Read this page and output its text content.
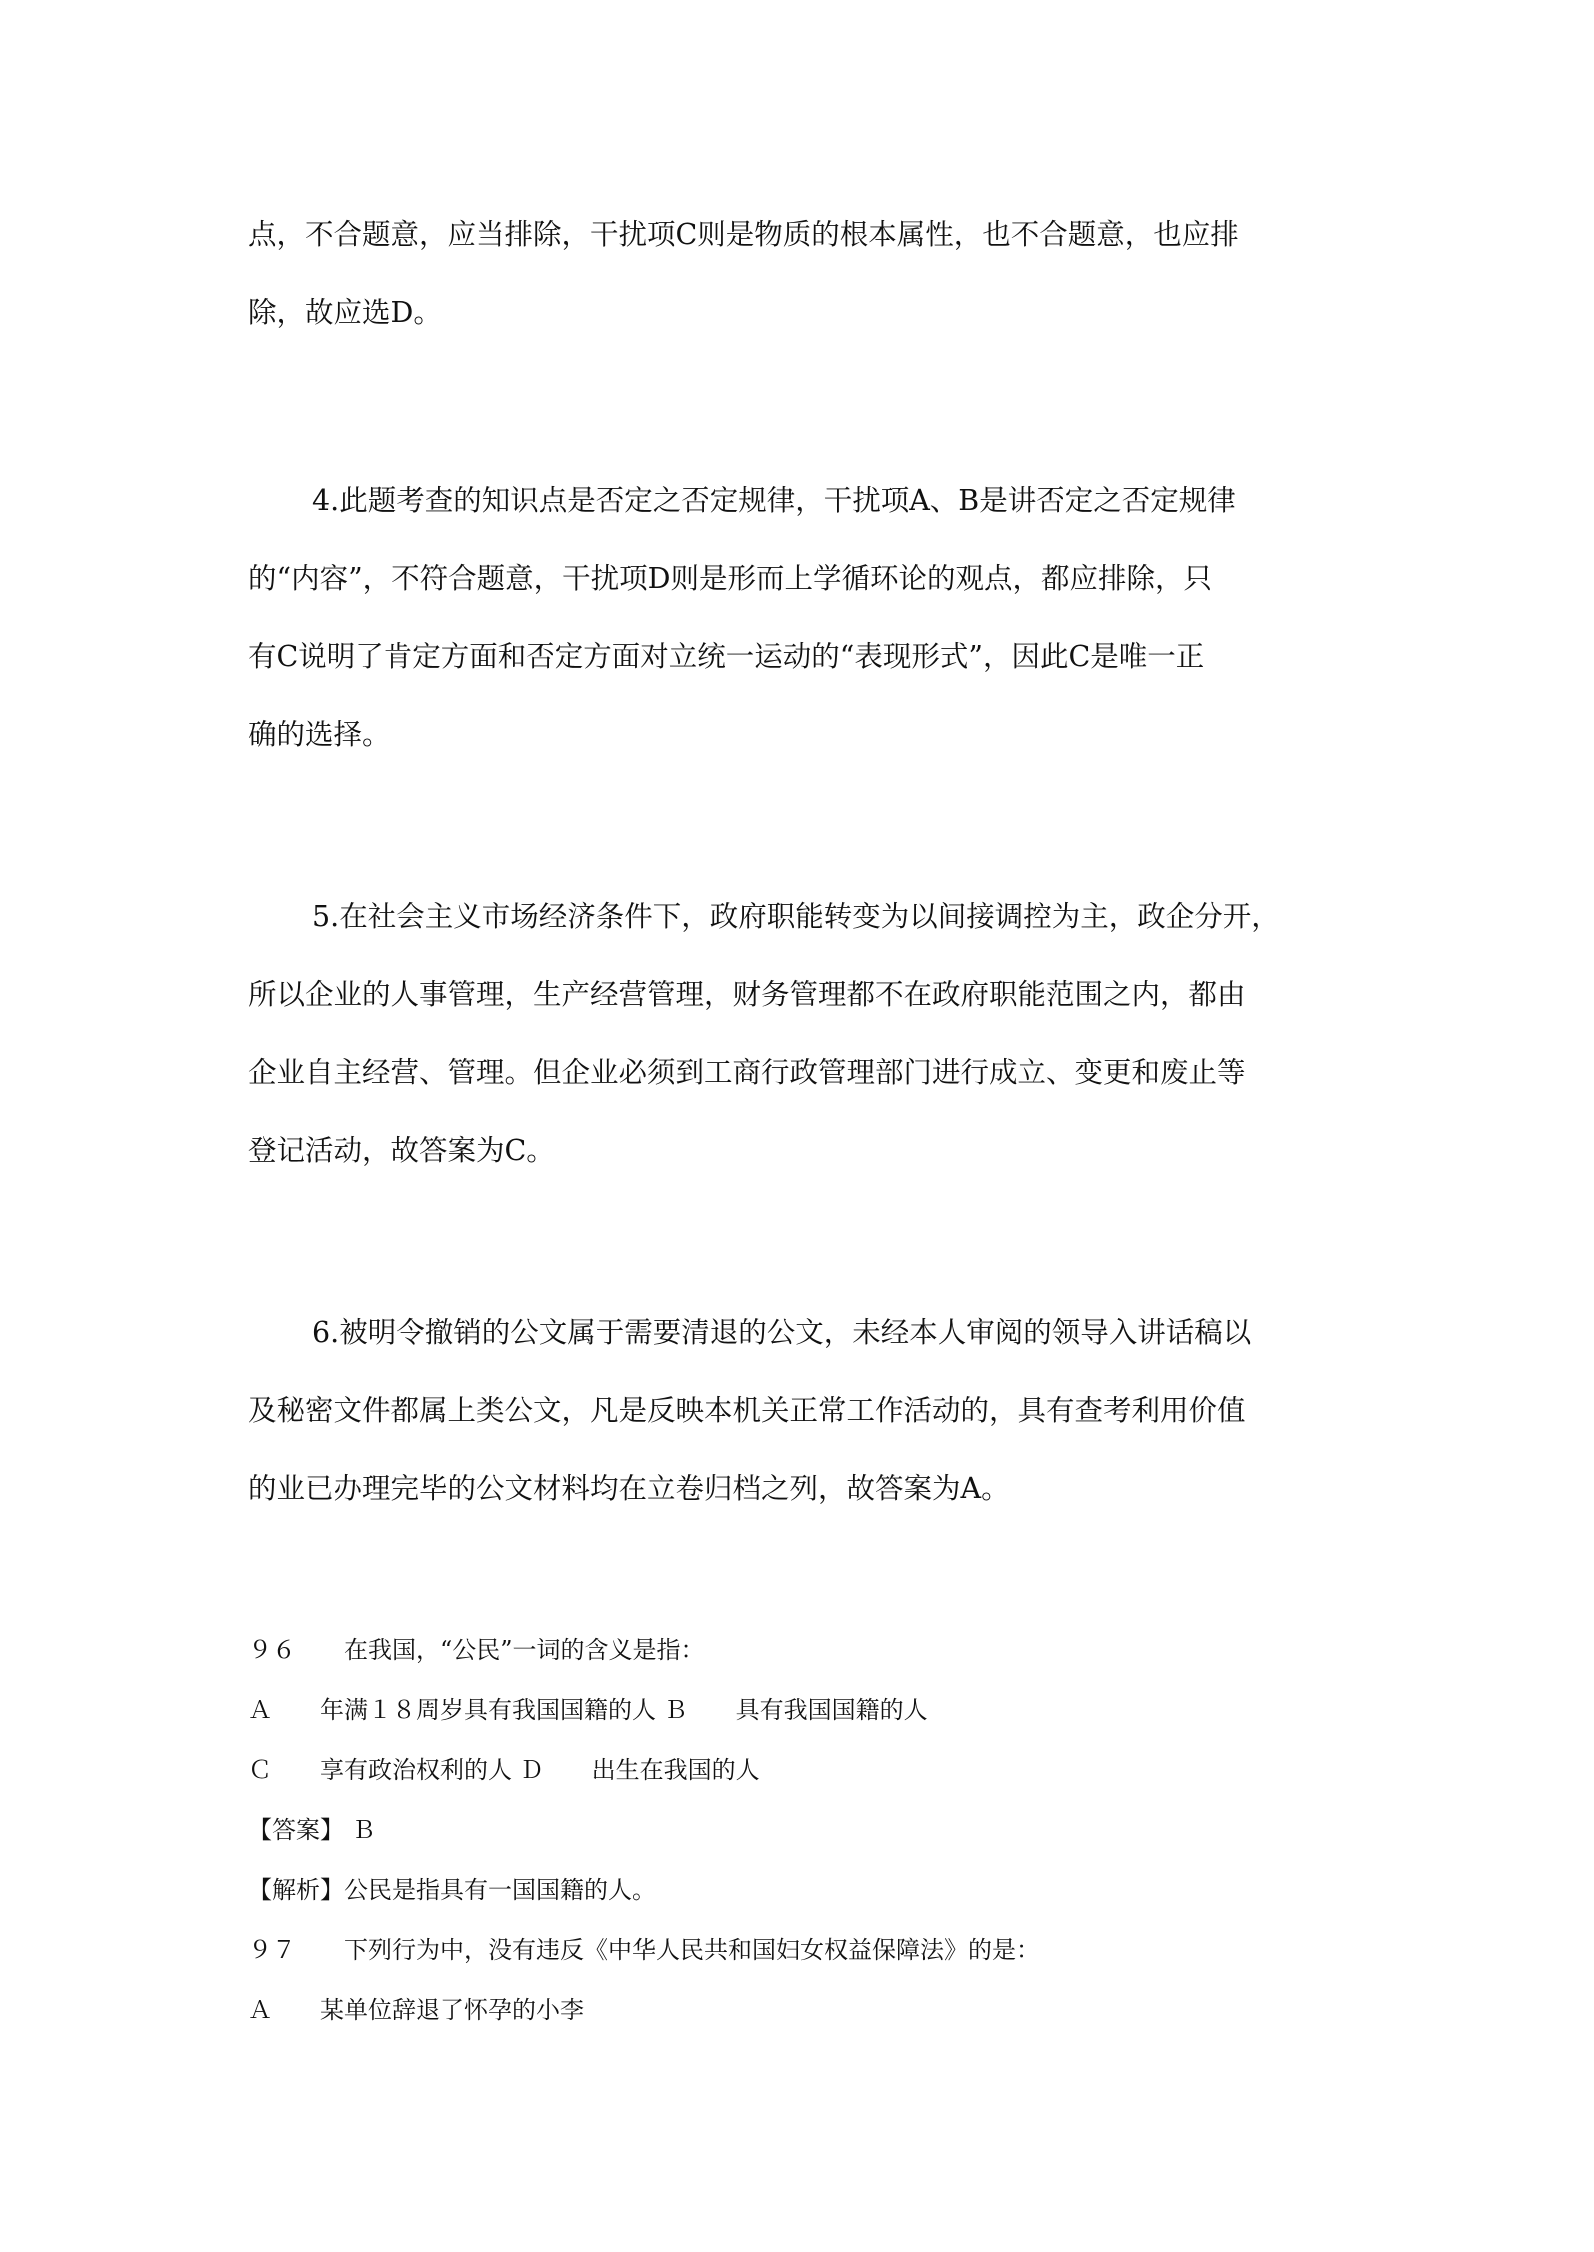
点，不合题意，应当排除，干扰项C则是物质的根本属性，也不合题意，也应排
除，故应选D。
4.此题考查的知识点是否定之否定规律，干扰项A、B是讲否定之否定规律
的“内容”，不符合题意，干扰项D则是形而上学循环论的观点，都应排除，只
有C说明了肯定方面和否定方面对立统一运动的“表现形式”，因此C是唯一正
确的选择。
5.在社会主义市场经济条件下，政府职能转变为以间接调控为主，政企分开，
所以企业的人事管理，生产经营管理，财务管理都不在政府职能范围之内，都由
企业自主经营、管理。但企业必须到工商行政管理部门进行成立、变更和废止等
登记活动，故答案为C。
6.被明令撤销的公文属于需要清退的公文，未经本人审阅的领导入讲话稿以
及秘密文件都属上类公文，凡是反映本机关正常工作活动的，具有查考利用价值
的业已办理完毕的公文材料均在立卷归档之列，故答案为A。
９６　　在我国，“公民”一词的含义是指：
Ａ　　年满１８周岁具有我国国籍的人 Ｂ　　具有我国国籍的人
Ｃ　　享有政治权利的人 Ｄ　　出生在我国的人
【答案】 Ｂ
【解析】公民是指具有一国国籍的人。
９７　　下列行为中，没有违反《中华人民共和国妇女权益保障法》的是：
Ａ　　某单位辞退了怀孕的小李
